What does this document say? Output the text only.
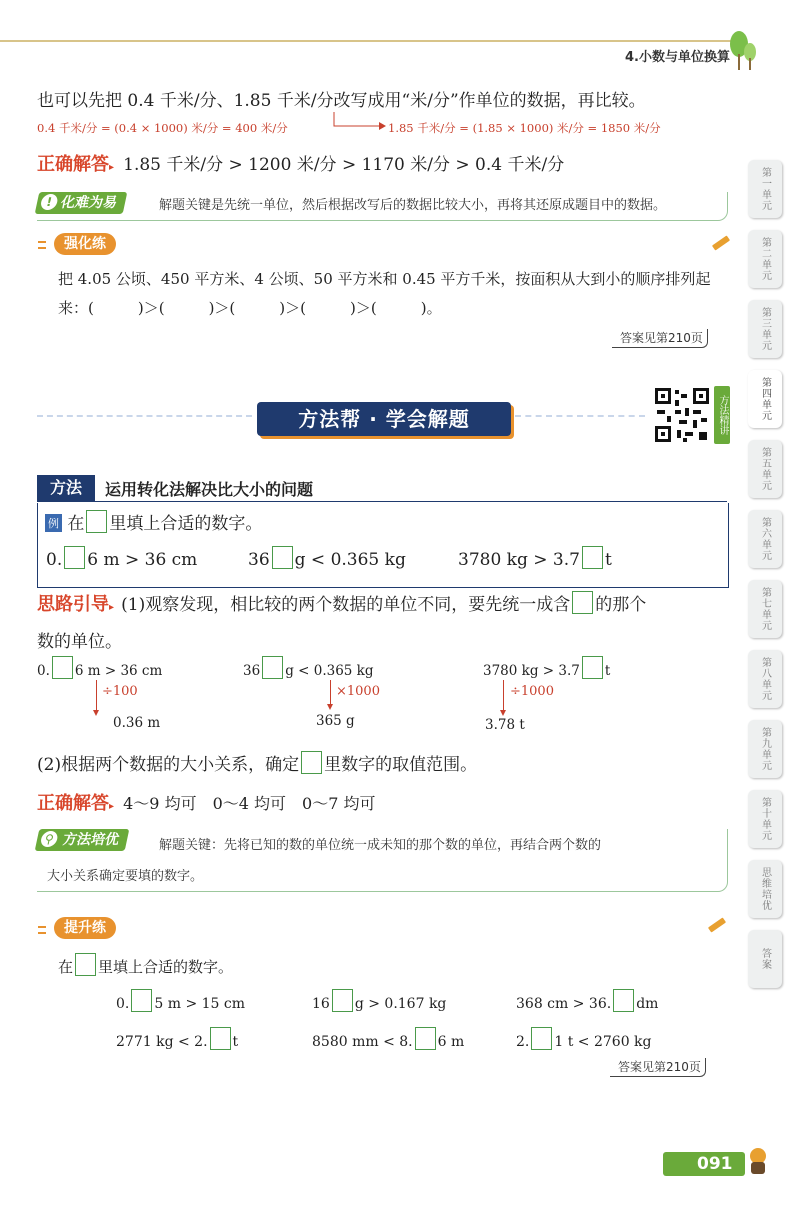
4.小数与单位换算
第一单元
第二单元
第三单元
第四单元
第五单元
第六单元
第七单元
第八单元
第九单元
第十单元
思维培优
答案
也可以先把 0.4 千米/分、1.85 千米/分改写成用“米/分”作单位的数据，再比较。
0.4 千米/分 = (0.4 × 1000) 米/分 = 400 米/分	1.85 千米/分 = (1.85 × 1000) 米/分 = 1850 米/分
正确解答▸ 1.85 千米/分 > 1200 米/分 > 1170 米/分 > 0.4 千米/分
! 化难为易	解题关键是先统一单位，然后根据改写后的数据比较大小，再将其还原成题目中的数据。
强化练
把 4.05 公顷、450 平方米、4 公顷、50 平方米和 0.45 平方千米，按面积从大到小的顺序排列起
来：(	)＞(	)＞(	)＞(	)＞(	)。
答案见第210页
方法帮 · 学会解题	方法精讲
方法	运用转化法解决比大小的问题
例 在 里填上合适的数字。
0. 6 m > 36 cm	36 g < 0.365 kg	3780 kg > 3.7 t
思路引导▸ (1)观察发现，相比较的两个数据的单位不同，要先统一成含 的那个
数的单位。
0. 6 m > 36 cm
÷100
0.36 m
36 g < 0.365 kg
×1000
365 g
3780 kg > 3.7 t
÷1000
3.78 t
(2)根据两个数据的大小关系，确定 里数字的取值范围。
正确解答▸ 4～9 均可　0～4 均可　0～7 均可
⚲ 方法培优	解题关键：先将已知的数的单位统一成未知的那个数的单位，再结合两个数的
大小关系确定要填的数字。
提升练
在 里填上合适的数字。
0. 5 m > 15 cm	16 g > 0.167 kg	368 cm > 36. dm
2771 kg < 2. t	8580 mm < 8. 6 m	2. 1 t < 2760 kg
答案见第210页
091
